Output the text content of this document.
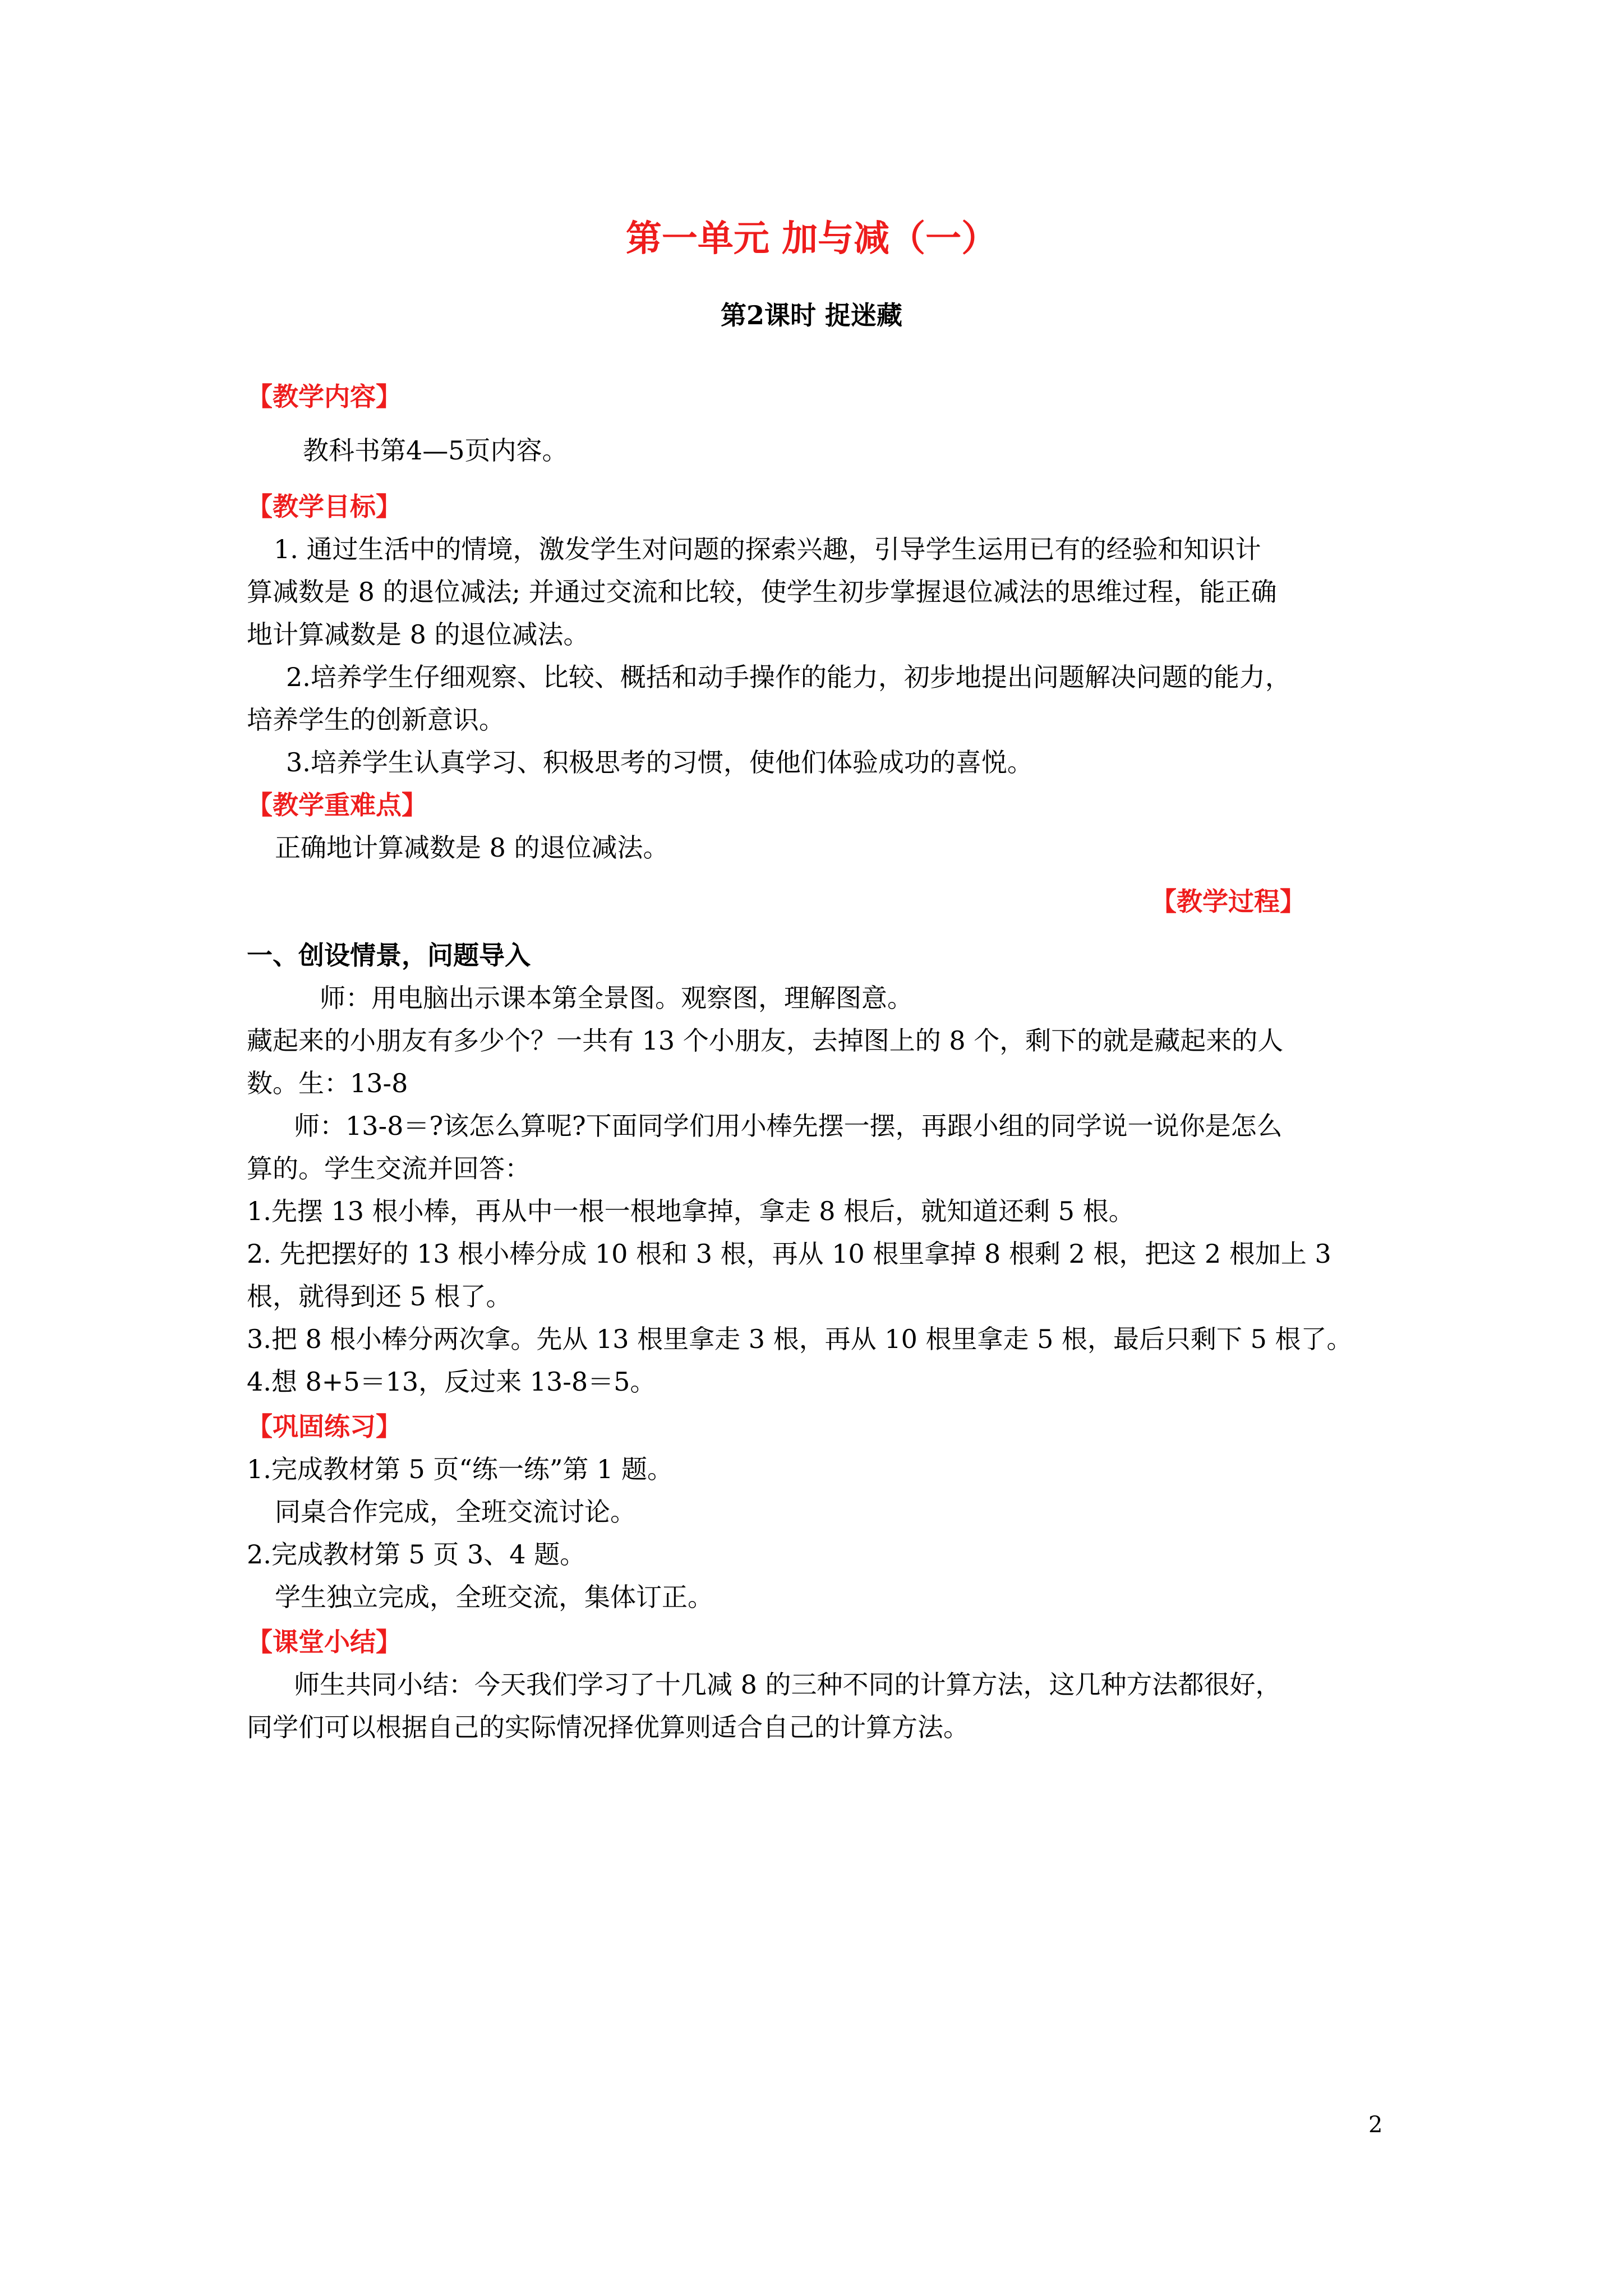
第一单元 加与减（一）
第2课时 捉迷藏
【教学内容】
教科书第4—5页内容。
【教学目标】
1. 通过生活中的情境，激发学生对问题的探索兴趣，引导学生运用已有的经验和知识计
算减数是 8 的退位减法; 并通过交流和比较，使学生初步掌握退位减法的思维过程，能正确
地计算减数是 8 的退位减法。
2.培养学生仔细观察、比较、概括和动手操作的能力，初步地提出问题解决问题的能力，
培养学生的创新意识。
3.培养学生认真学习、积极思考的习惯，使他们体验成功的喜悦。
【教学重难点】
正确地计算减数是 8 的退位减法。
【教学过程】
一、创设情景，问题导入
师：用电脑出示课本第全景图。观察图，理解图意。
藏起来的小朋友有多少个？一共有 13 个小朋友，去掉图上的 8 个，剩下的就是藏起来的人
数。生：13-8
师：13-8＝?该怎么算呢?下面同学们用小棒先摆一摆，再跟小组的同学说一说你是怎么
算的。学生交流并回答：
1.先摆 13 根小棒，再从中一根一根地拿掉，拿走 8 根后，就知道还剩 5 根。
2. 先把摆好的 13 根小棒分成 10 根和 3 根，再从 10 根里拿掉 8 根剩 2 根，把这 2 根加上 3
根，就得到还 5 根了。
3.把 8 根小棒分两次拿。先从 13 根里拿走 3 根，再从 10 根里拿走 5 根，最后只剩下 5 根了。
4.想 8+5＝13，反过来 13-8＝5。
【巩固练习】
1.完成教材第 5 页“练一练”第 1 题。
同桌合作完成，全班交流讨论。
2.完成教材第 5 页 3、4 题。
学生独立完成，全班交流，集体订正。
【课堂小结】
师生共同小结：今天我们学习了十几减 8 的三种不同的计算方法，这几种方法都很好，
同学们可以根据自己的实际情况择优算则适合自己的计算方法。
2
